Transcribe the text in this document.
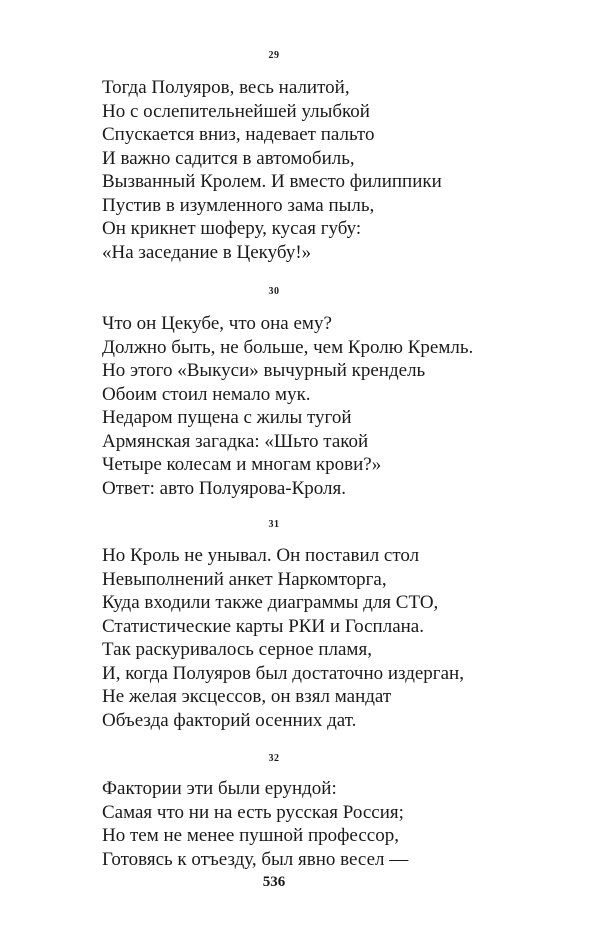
29

Тогда Полуяров, весь налитой,
Но с ослепительнейшей улыбкой
Спускается вниз, надевает пальто
И важно садится в автомобиль,
Вызванный Кролем. И вместо филиппики
Пустив в изумленного зама пыль,
Он крикнет шоферу, кусая губу:
«На заседание в Цекубу!»

30

Что он Цекубе, что она ему?
Должно быть, не больше, чем Кролю Кремль.
Но этого «Выкуси» вычурный крендель
Обоим стоил немало мук.
Недаром пущена с жилы тугой
Армянская загадка: «Шьто такой
Четыре колесам и многам крови?»
Ответ: авто Полуярова-Кроля.

31

Но Кроль не унывал. Он поставил стол
Невыполнений анкет Наркомторга,
Куда входили также диаграммы для СТО,
Статистические карты РКИ и Госплана.
Так раскуривалось серное пламя,
И, когда Полуяров был достаточно издерган,
Не желая эксцессов, он взял мандат
Объезда факторий осенних дат.

32

Фактории эти были ерундой:
Самая что ни на есть русская Россия;
Но тем не менее пушной профессор,
Готовясь к отъезду, был явно весел —

536
